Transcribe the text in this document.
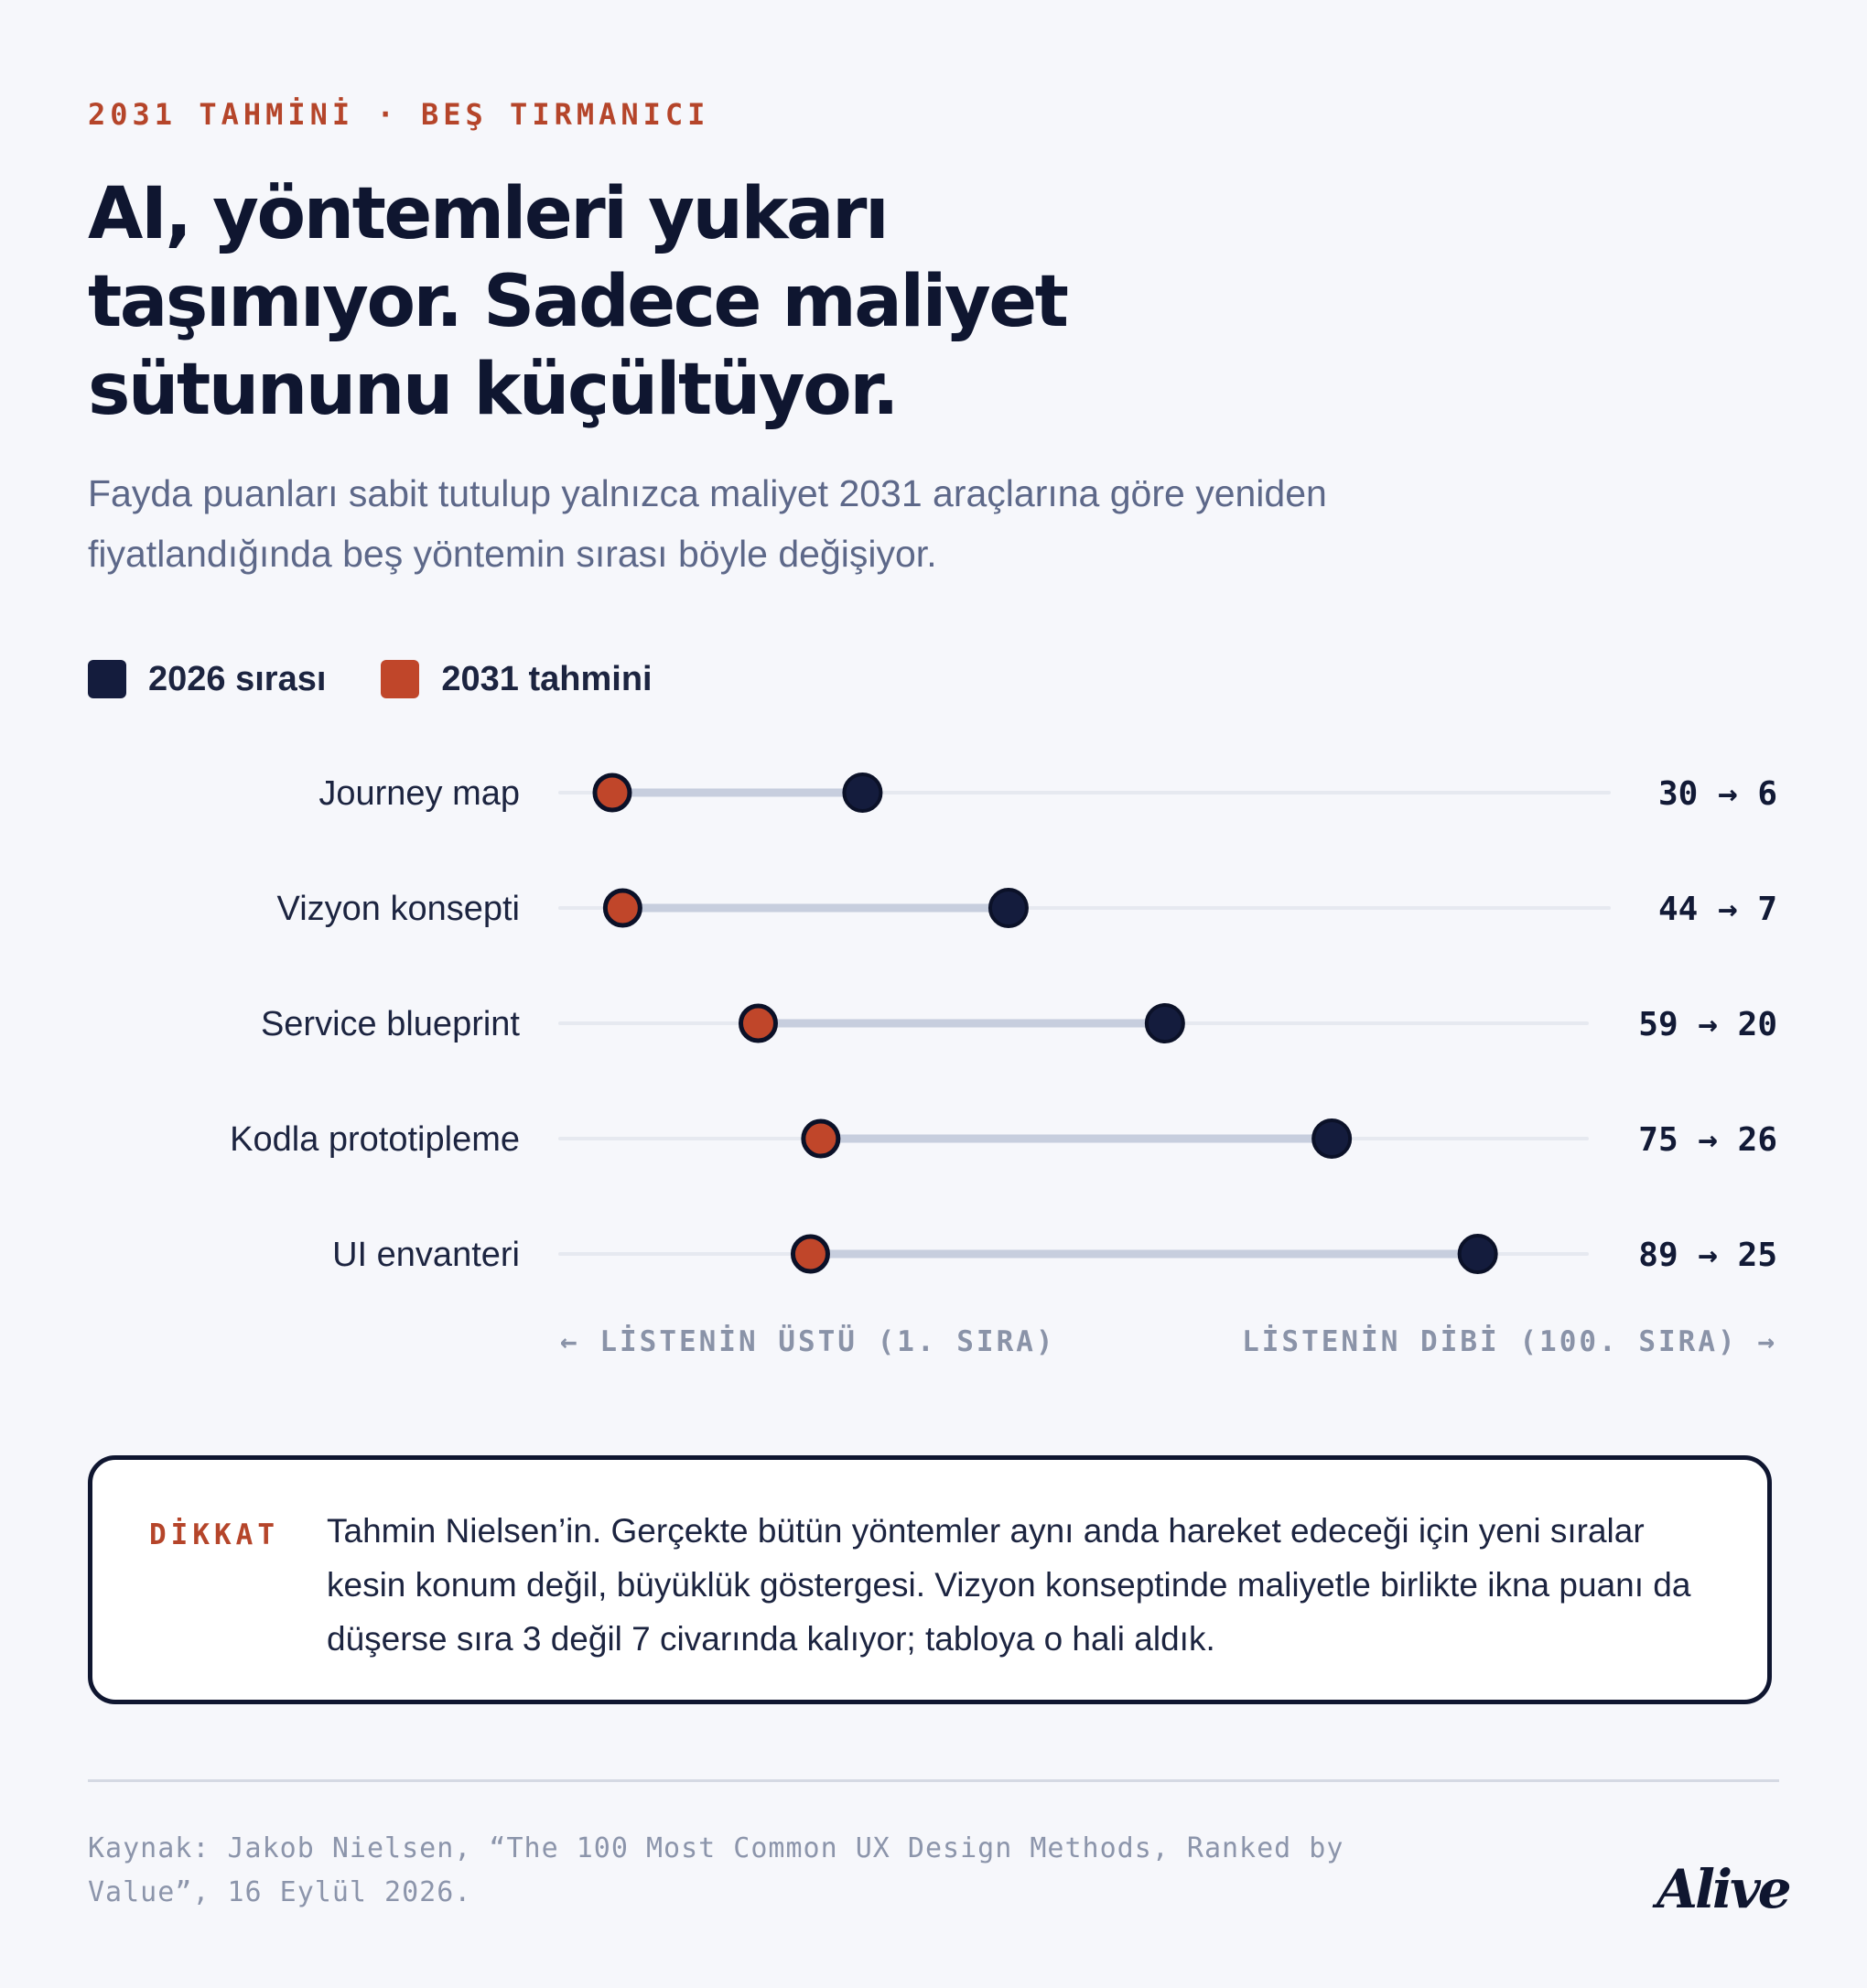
2031 TAHMİNİ · BEŞ TIRMANICI
AI, yöntemleri yukarı taşımıyor. Sadece maliyet sütununu küçültüyor.

Fayda puanları sabit tutulup yalnızca maliyet 2031 araçlarına göre yeniden fiyatlandığında beş yöntemin sırası böyle değişiyor.

2026 sırası	2031 tahmini
Journey map	30 → 6
Vizyon konsepti	44 → 7
Service blueprint	59 → 20
Kodla prototipleme	75 → 26
UI envanteri	89 → 25
← LİSTENİN ÜSTÜ (1. SIRA)	LİSTENİN DİBİ (100. SIRA) →
DİKKAT Tahmin Nielsen’in. Gerçekte bütün yöntemler aynı anda hareket edeceği için yeni sıralar kesin konum değil, büyüklük göstergesi. Vizyon konseptinde maliyetle birlikte ikna puanı da düşerse sıra 3 değil 7 civarında kalıyor; tabloya o hali aldık.

Kaynak: Jakob Nielsen, “The 100 Most Common UX Design Methods, Ranked by Value”, 16 Eylül 2026.	Alive
